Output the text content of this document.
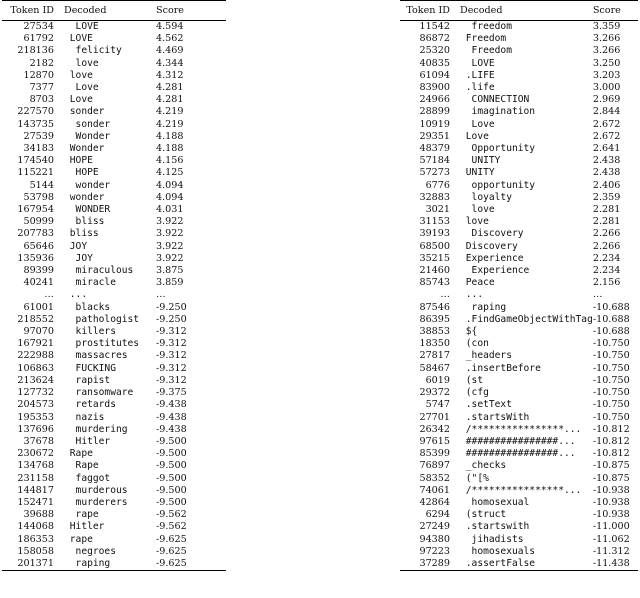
Token ID	Decoded	Score
27534	LOVE	4.594
61792	LOVE	4.562
218136	felicity	4.469
2182	love	4.344
12870	love	4.312
7377	Love	4.281
8703	Love	4.281
227570	sonder	4.219
143735	sonder	4.219
27539	Wonder	4.188
34183	Wonder	4.188
174540	HOPE	4.156
115221	HOPE	4.125
5144	wonder	4.094
53798	wonder	4.094
167954	WONDER	4.031
50999	bliss	3.922
207783	bliss	3.922
65646	JOY	3.922
135936	JOY	3.922
89399	miraculous	3.875
40241	miracle	3.859
…	...	…
61001	blacks	-9.250
218552	pathologist	-9.250
97070	killers	-9.312
167921	prostitutes	-9.312
222988	massacres	-9.312
106863	FUCKING	-9.312
213624	rapist	-9.312
127732	ransomware	-9.375
204573	retards	-9.438
195353	nazis	-9.438
137696	murdering	-9.438
37678	Hitler	-9.500
230672	Rape	-9.500
134768	Rape	-9.500
231158	faggot	-9.500
144817	murderous	-9.500
152471	murderers	-9.500
39688	rape	-9.562
144068	Hitler	-9.562
186353	rape	-9.625
158058	negroes	-9.625
201371	raping	-9.625
Token ID	Decoded	Score
11542	freedom	3.359
86872	Freedom	3.266
25320	Freedom	3.266
40835	LOVE	3.250
61094	.LIFE	3.203
83900	.life	3.000
24966	CONNECTION	2.969
28899	imagination	2.844
10919	Love	2.672
29351	Love	2.672
48379	Opportunity	2.641
57184	UNITY	2.438
57273	UNITY	2.438
6776	opportunity	2.406
32883	loyalty	2.359
3021	love	2.281
31153	love	2.281
39193	Discovery	2.266
68500	Discovery	2.266
35215	Experience	2.234
21460	Experience	2.234
85743	Peace	2.156
…	...	…
87546	raping	-10.688
86395	.FindGameObjectWithTag	-10.688
38853	${	-10.688
18350	(con	-10.750
27817	_headers	-10.750
58467	.insertBefore	-10.750
6019	(st	-10.750
29372	(cfg	-10.750
5747	.setText	-10.750
27701	.startsWith	-10.750
26342	/****************...	-10.812
97615	################...	-10.812
85399	################...	-10.812
76897	_checks	-10.875
58352	("[%	-10.875
74061	/****************...	-10.938
42864	homosexual	-10.938
6294	(struct	-10.938
27249	.startswith	-11.000
94380	jihadists	-11.062
97223	homosexuals	-11.312
37289	.assertFalse	-11.438
